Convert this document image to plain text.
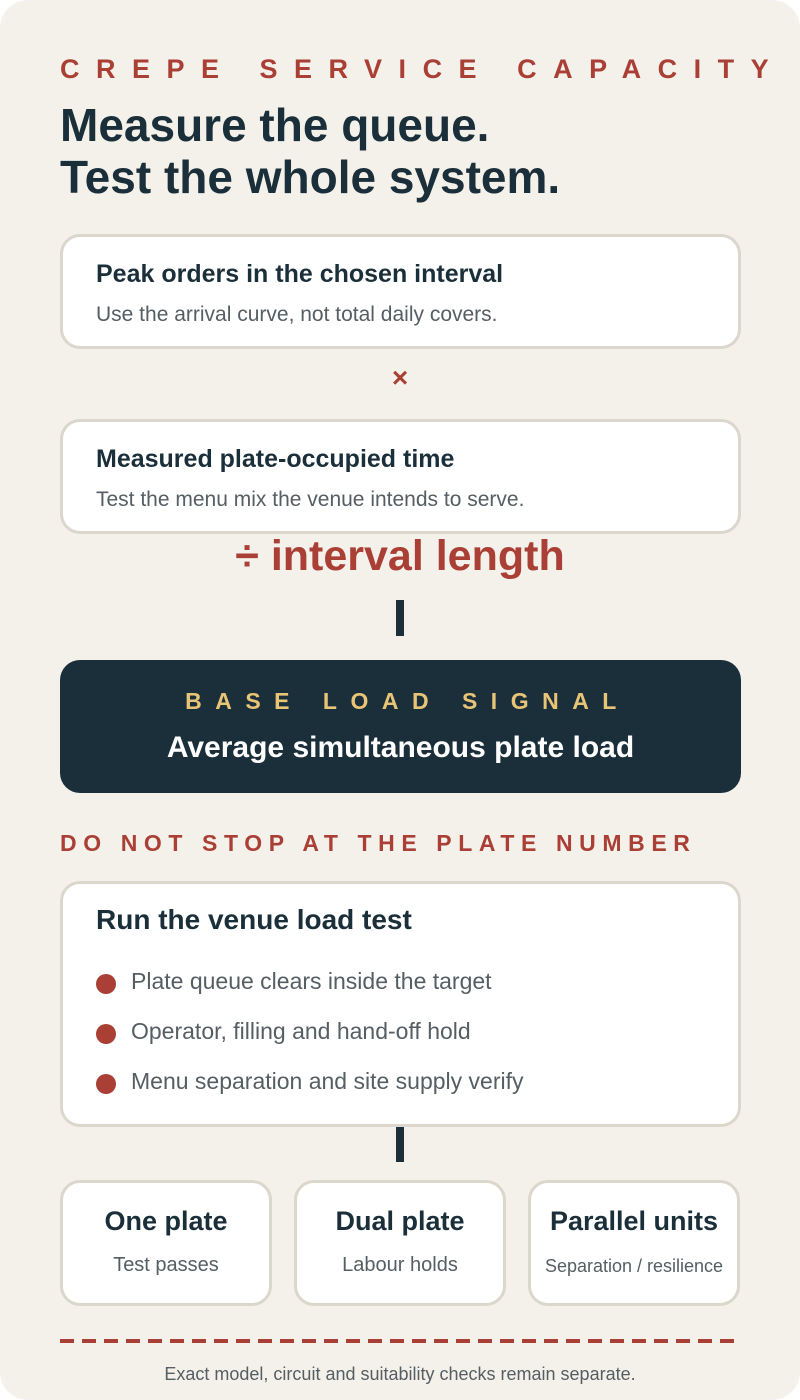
CREPE SERVICE CAPACITY
Measure the queue.
Test the whole system.
Peak orders in the chosen interval
Use the arrival curve, not total daily covers.
×
Measured plate-occupied time
Test the menu mix the venue intends to serve.
÷ interval length
BASE LOAD SIGNAL
Average simultaneous plate load
DO NOT STOP AT THE PLATE NUMBER
Run the venue load test
Plate queue clears inside the target
Operator, filling and hand-off hold
Menu separation and site supply verify
One plate
Test passes
Dual plate
Labour holds
Parallel units
Separation / resilience
Exact model, circuit and suitability checks remain separate.
